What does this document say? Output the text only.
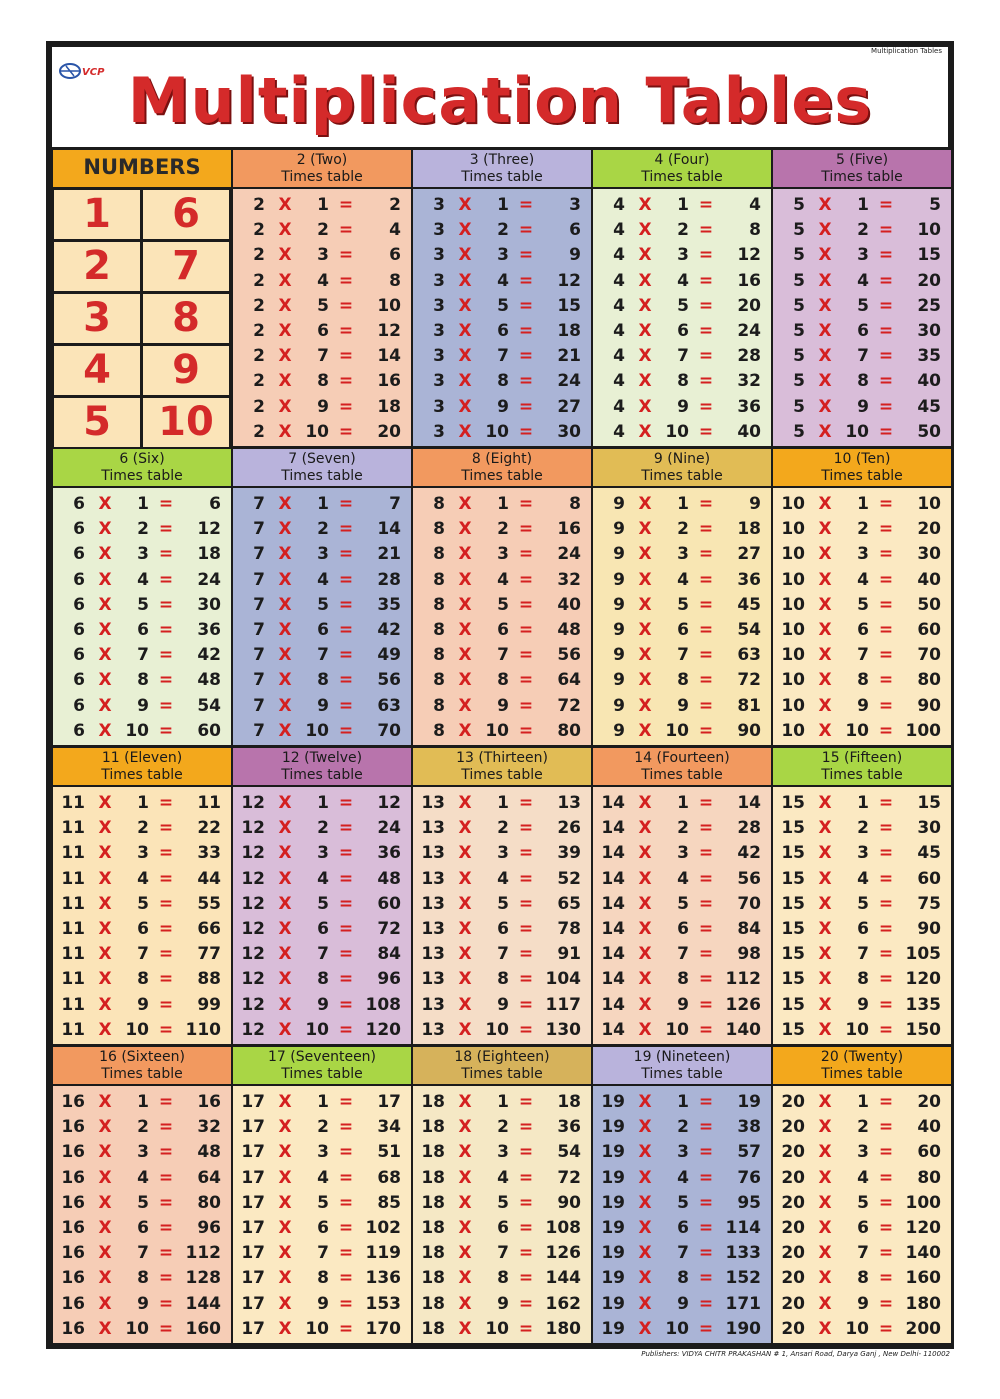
Multiplication Tables
VCP Multiplication Tables
NUMBERS
1	6
2	7
3	8
4	9
5	10
2 (Two)
Times table
2 X	1 =	2
2 X	2 =	4
2 X	3 =	6
2 X	4 =	8
2 X	5 =	10
2 X	6 =	12
2 X	7 =	14
2 X	8 =	16
2 X	9 =	18
2 X 10 =	20
3 (Three)
Times table
3 X	1 =	3
3 X	2 =	6
3 X	3 =	9
3 X	4 =	12
3 X	5 =	15
3 X	6 =	18
3 X	7 =	21
3 X	8 =	24
3 X	9 =	27
3 X 10 =	30
4 (Four)
Times table
4 X	1 =	4
4 X	2 =	8
4 X	3 =	12
4 X	4 =	16
4 X	5 =	20
4 X	6 =	24
4 X	7 =	28
4 X	8 =	32
4 X	9 =	36
4 X 10 =	40
5 (Five)
Times table
5 X	1 =	5
5 X	2 =	10
5 X	3 =	15
5 X	4 =	20
5 X	5 =	25
5 X	6 =	30
5 X	7 =	35
5 X	8 =	40
5 X	9 =	45
5 X 10 =	50
6 (Six)
Times table
6 X	1 =	6
6 X	2 =	12
6 X	3 =	18
6 X	4 =	24
6 X	5 =	30
6 X	6 =	36
6 X	7 =	42
6 X	8 =	48
6 X	9 =	54
6 X 10 =	60
7 (Seven)
Times table
7 X	1 =	7
7 X	2 =	14
7 X	3 =	21
7 X	4 =	28
7 X	5 =	35
7 X	6 =	42
7 X	7 =	49
7 X	8 =	56
7 X	9 =	63
7 X 10 =	70
8 (Eight)
Times table
8 X	1 =	8
8 X	2 =	16
8 X	3 =	24
8 X	4 =	32
8 X	5 =	40
8 X	6 =	48
8 X	7 =	56
8 X	8 =	64
8 X	9 =	72
8 X 10 =	80
9 (Nine)
Times table
9 X	1 =	9
9 X	2 =	18
9 X	3 =	27
9 X	4 =	36
9 X	5 =	45
9 X	6 =	54
9 X	7 =	63
9 X	8 =	72
9 X	9 =	81
9 X 10 =	90
10 (Ten)
Times table
10 X	1 =	10
10 X	2 =	20
10 X	3 =	30
10 X	4 =	40
10 X	5 =	50
10 X	6 =	60
10 X	7 =	70
10 X	8 =	80
10 X	9 =	90
10 X 10 = 100
11 (Eleven)
Times table
11 X	1 =	11
11 X	2 =	22
11 X	3 =	33
11 X	4 =	44
11 X	5 =	55
11 X	6 =	66
11 X	7 =	77
11 X	8 =	88
11 X	9 =	99
11 X 10 = 110
12 (Twelve)
Times table
12 X	1 =	12
12 X	2 =	24
12 X	3 =	36
12 X	4 =	48
12 X	5 =	60
12 X	6 =	72
12 X	7 =	84
12 X	8 =	96
12 X	9 = 108
12 X 10 = 120
13 (Thirteen)
Times table
13 X	1 =	13
13 X	2 =	26
13 X	3 =	39
13 X	4 =	52
13 X	5 =	65
13 X	6 =	78
13 X	7 =	91
13 X	8 = 104
13 X	9 = 117
13 X 10 = 130
14 (Fourteen)
Times table
14 X	1 =	14
14 X	2 =	28
14 X	3 =	42
14 X	4 =	56
14 X	5 =	70
14 X	6 =	84
14 X	7 =	98
14 X	8 = 112
14 X	9 = 126
14 X 10 = 140
15 (Fifteen)
Times table
15 X	1 =	15
15 X	2 =	30
15 X	3 =	45
15 X	4 =	60
15 X	5 =	75
15 X	6 =	90
15 X	7 = 105
15 X	8 = 120
15 X	9 = 135
15 X 10 = 150
16 (Sixteen)
Times table
16 X	1 =	16
16 X	2 =	32
16 X	3 =	48
16 X	4 =	64
16 X	5 =	80
16 X	6 =	96
16 X	7 = 112
16 X	8 = 128
16 X	9 = 144
16 X 10 = 160
17 (Seventeen)
Times table
17 X	1 =	17
17 X	2 =	34
17 X	3 =	51
17 X	4 =	68
17 X	5 =	85
17 X	6 = 102
17 X	7 = 119
17 X	8 = 136
17 X	9 = 153
17 X 10 = 170
18 (Eighteen)
Times table
18 X	1 =	18
18 X	2 =	36
18 X	3 =	54
18 X	4 =	72
18 X	5 =	90
18 X	6 = 108
18 X	7 = 126
18 X	8 = 144
18 X	9 = 162
18 X 10 = 180
19 (Nineteen)
Times table
19 X	1 =	19
19 X	2 =	38
19 X	3 =	57
19 X	4 =	76
19 X	5 =	95
19 X	6 = 114
19 X	7 = 133
19 X	8 = 152
19 X	9 = 171
19 X 10 = 190
20 (Twenty)
Times table
20 X	1 =	20
20 X	2 =	40
20 X	3 =	60
20 X	4 =	80
20 X	5 = 100
20 X	6 = 120
20 X	7 = 140
20 X	8 = 160
20 X	9 = 180
20 X 10 = 200
Publishers: VIDYA CHITR PRAKASHAN # 1, Ansari Road, Darya Ganj , New Delhi- 110002
